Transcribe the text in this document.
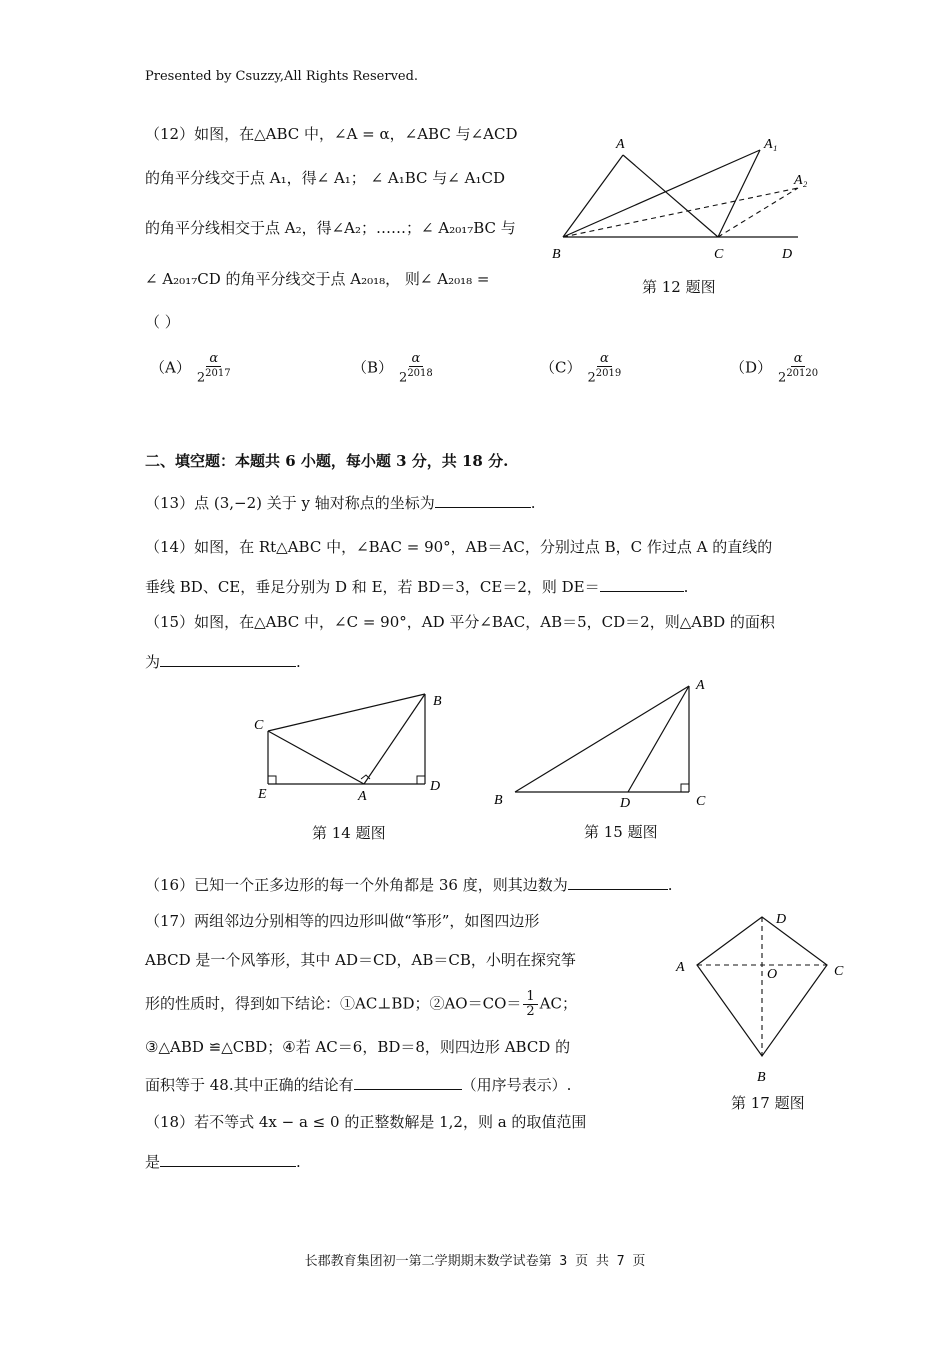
Presented by Csuzzy,All Rights Reserved.
（12）如图，在△ABC 中，∠A = α，∠ABC 与∠ACD
的角平分线交于点 A₁，得∠ A₁； ∠ A₁BC 与∠ A₁CD
的角平分线相交于点 A₂，得∠A₂；……；∠ A₂₀₁₇BC 与
∠ A₂₀₁₇CD 的角平分线交于点 A₂₀₁₈， 则∠ A₂₀₁₈ =
（ ）
A	A₁
A₂
B	C	D
第 12 题图
$(A) \frac{\alpha}{2^{2017}}$	$(B) \frac{\alpha}{2^{2018}}$	$(C) \frac{\alpha}{2^{2019}}$	$(D) \frac{\alpha}{2^{20120}}$
二、填空题：本题共 6 小题，每小题 3 分，共 18 分.
（13）点 (3,−2) 关于 y 轴对称点的坐标为	.
（14）如图，在 Rt△ABC 中，∠BAC = 90°，AB＝AC，分别过点 B，C 作过点 A 的直线的
垂线 BD、CE，垂足分别为 D 和 E，若 BD＝3，CE＝2，则 DE＝	.
（15）如图，在△ABC 中，∠C = 90°，AD 平分∠BAC，AB＝5，CD＝2，则△ABD 的面积
为	.
C
B
D
E	A
第 14 题图
A
B	C
D
第 15 题图
（16）已知一个正多边形的每一个外角都是 36 度，则其边数为	.
（17）两组邻边分别相等的四边形叫做“筝形”，如图四边形
ABCD 是一个风筝形，其中 AD＝CD，AB＝CB，小明在探究筝
形的性质时，得到如下结论：①AC⊥BD；②AO＝CO＝ $\frac{1}{2}$ AC；
③△ABD ≌△CBD；④若 AC＝6，BD＝8，则四边形 ABCD 的
面积等于 48.其中正确的结论有	（用序号表示）.
D
A	C
O
B
第 17 题图
（18）若不等式 4x − a ≤ 0 的正整数解是 1,2，则 a 的取值范围
是	.
长郡教育集团初一第二学期期末数学试卷第 3 页 共 7 页
